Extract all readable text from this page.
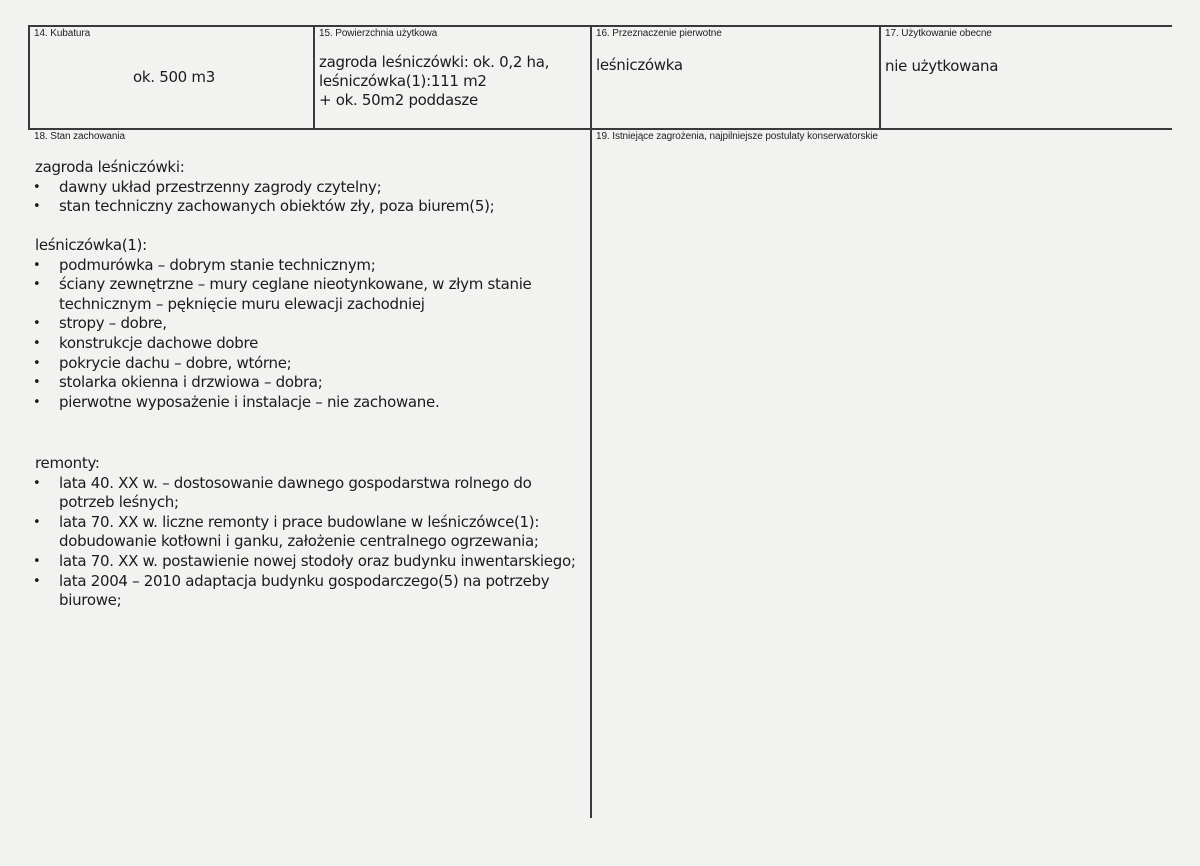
14. Kubatura
ok. 500 m3
15. Powierzchnia użytkowa
zagroda leśniczówki: ok. 0,2 ha,
leśniczówka(1):111 m2
+ ok. 50m2 poddasze
16. Przeznaczenie pierwotne
leśniczówka
17. Użytkowanie obecne
nie użytkowana
18. Stan zachowania
zagroda leśniczówki:
• dawny układ przestrzenny zagrody czytelny;
• stan techniczny zachowanych obiektów zły, poza biurem(5);
leśniczówka(1):
• podmurówka – dobrym stanie technicznym;
• ściany zewnętrzne – mury ceglane nieotynkowane, w złym stanie technicznym – pęknięcie muru elewacji zachodniej
• stropy – dobre,
• konstrukcje dachowe dobre
• pokrycie dachu – dobre, wtórne;
• stolarka okienna i drzwiowa – dobra;
• pierwotne wyposażenie i instalacje – nie zachowane.
remonty:
• lata 40. XX w. – dostosowanie dawnego gospodarstwa rolnego do potrzeb leśnych;
• lata 70. XX w. liczne remonty i prace budowlane w leśniczówce(1): dobudowanie kotłowni i ganku, założenie centralnego ogrzewania;
• lata 70. XX w. postawienie nowej stodoły oraz budynku inwentarskiego;
• lata 2004 – 2010 adaptacja budynku gospodarczego(5) na potrzeby biurowe;
19. Istniejące zagrożenia, najpilniejsze postulaty konserwatorskie
